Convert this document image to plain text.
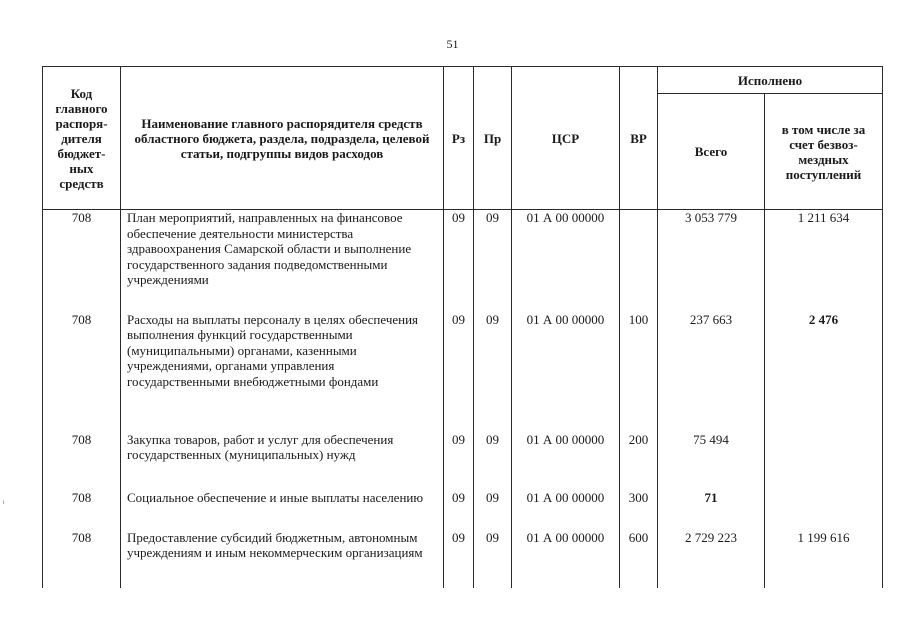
51
Код главного распоря-дителя бюджет-ных средств	Наименование главного распорядителя средств областного бюджета, раздела, подраздела, целевой статьи, подгруппы видов расходов	Рз	Пр	ЦСР	ВР	Исполнено	
						Всего	в том числе за счет безвоз-мездных поступлений
708	План мероприятий, направленных на финансовое обеспечение деятельности министерства здравоохранения Самарской области и выполнение государственного задания подведомственными учреждениями	09	09	01 А 00 00000		3 053 779	1 211 634
708	Расходы на выплаты персоналу в целях обеспечения выполнения функций государственными (муниципальными) органами, казенными учреждениями, органами управления государственными внебюджетными фондами	09	09	01 А 00 00000	100	237 663	2 476
708	Закупка товаров, работ и услуг для обеспечения государственных (муниципальных) нужд	09	09	01 А 00 00000	200	75 494	
708	Социальное обеспечение и иные выплаты населению	09	09	01 А 00 00000	300	71	
708	Предоставление субсидий бюджетным, автономным учреждениям и иным некоммерческим организациям	09	09	01 А 00 00000	600	2 729 223	1 199 616
ᵢ
